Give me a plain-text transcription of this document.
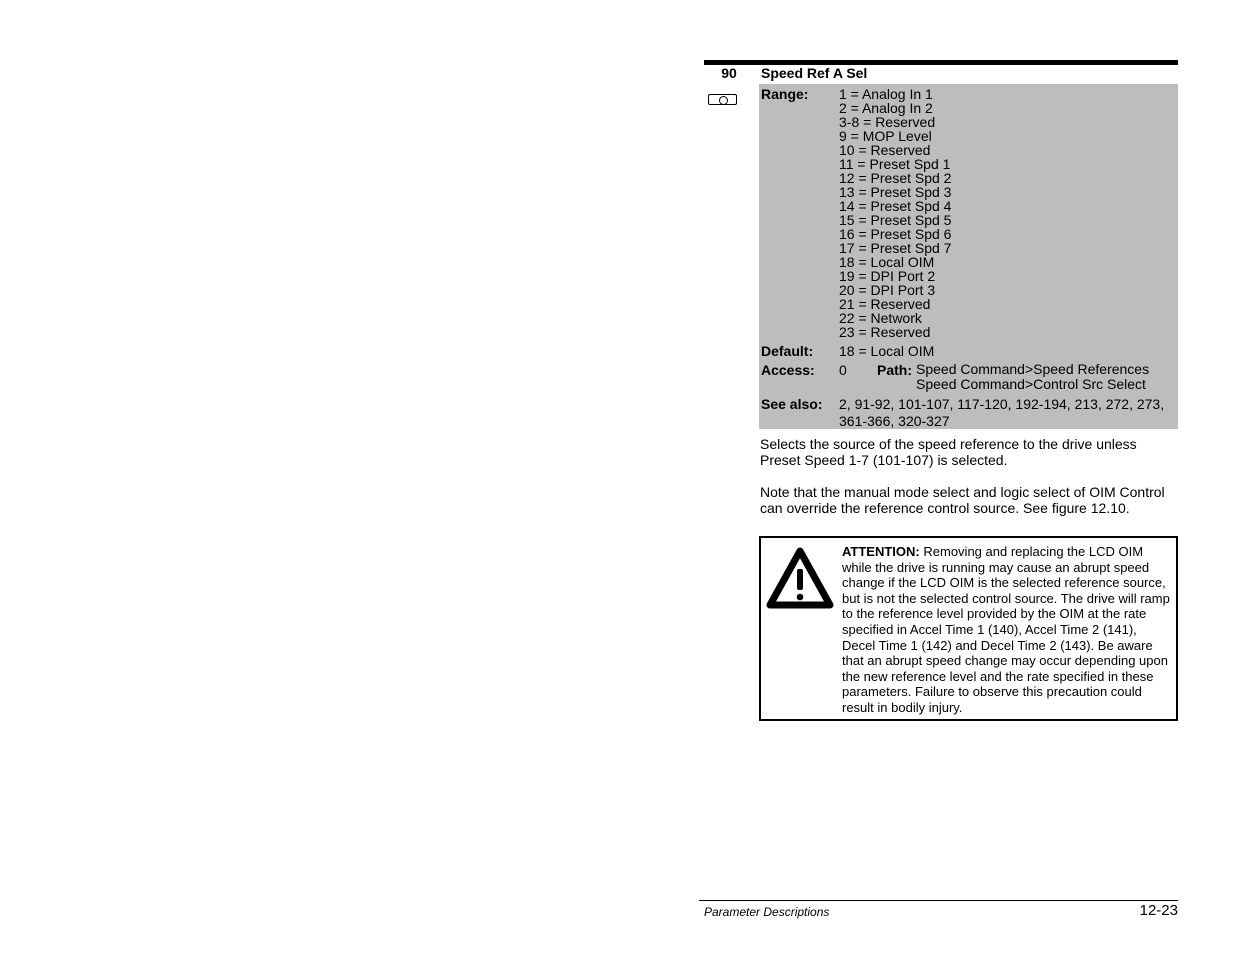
90	Speed Ref A Sel
Range: 1 = Analog In 1
2 = Analog In 2
3-8 = Reserved
9 = MOP Level
10 = Reserved
11 = Preset Spd 1
12 = Preset Spd 2
13 = Preset Spd 3
14 = Preset Spd 4
15 = Preset Spd 5
16 = Preset Spd 6
17 = Preset Spd 7
18 = Local OIM
19 = DPI Port 2
20 = DPI Port 3
21 = Reserved
22 = Network
23 = Reserved
Default: 18 = Local OIM
Access: 0 Path: Speed Command>Speed References
Speed Command>Control Src Select
See also: 2, 91-92, 101-107, 117-120, 192-194, 213, 272, 273, 361-366, 320-327
Selects the source of the speed reference to the drive unless Preset Speed 1-7 (101-107) is selected.
Note that the manual mode select and logic select of OIM Control can override the reference control source. See figure 12.10.
ATTENTION: Removing and replacing the LCD OIM while the drive is running may cause an abrupt speed change if the LCD OIM is the selected reference source, but is not the selected control source. The drive will ramp to the reference level provided by the OIM at the rate specified in Accel Time 1 (140), Accel Time 2 (141), Decel Time 1 (142) and Decel Time 2 (143). Be aware that an abrupt speed change may occur depending upon the new reference level and the rate specified in these parameters. Failure to observe this precaution could result in bodily injury.
Parameter Descriptions	12-23
